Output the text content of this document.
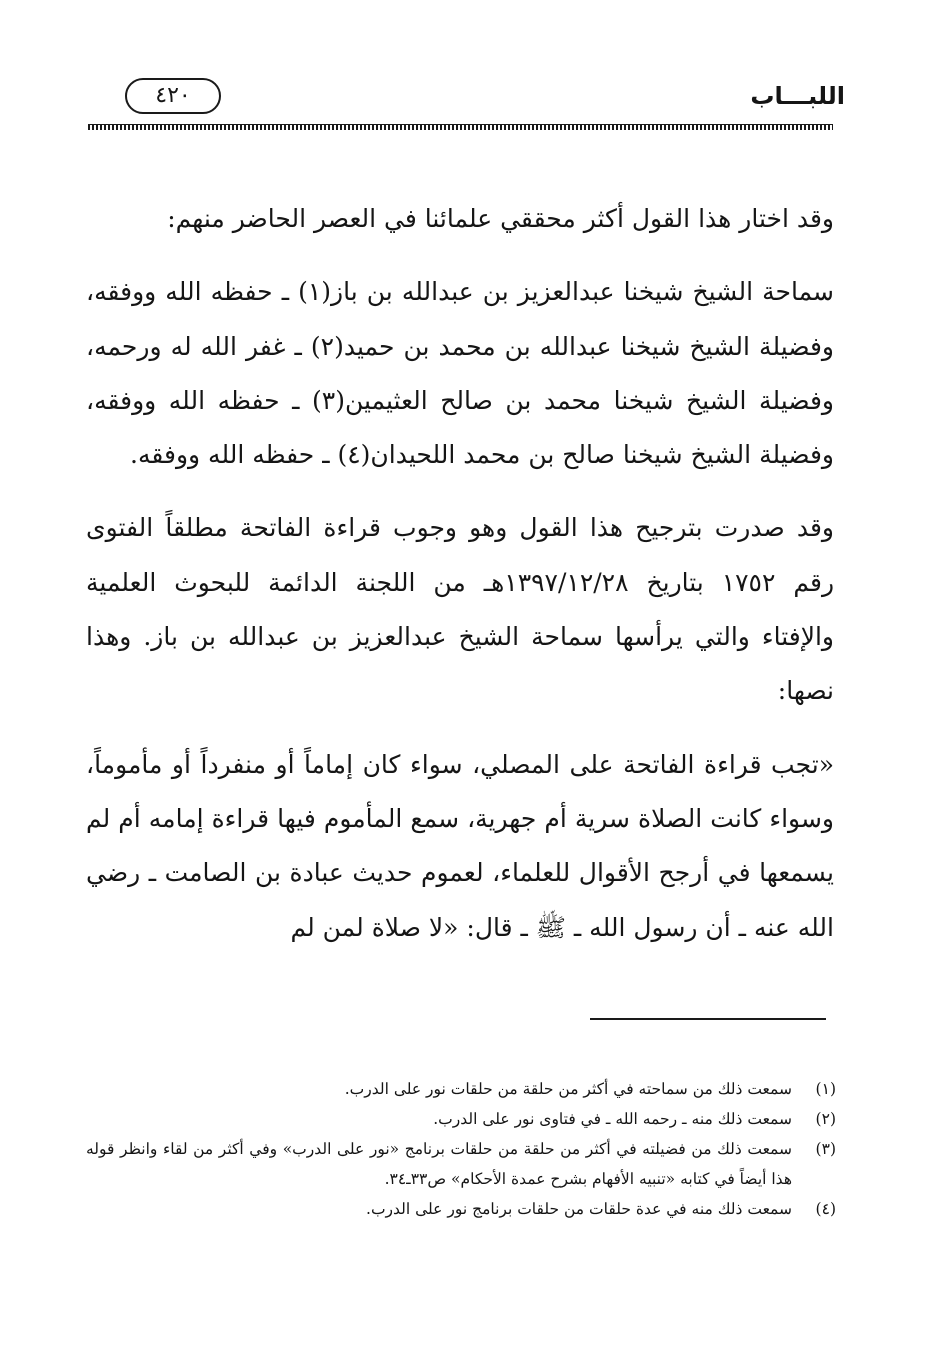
اللبـــاب
٤٢٠

وقد اختار هذا القول أكثر محققي علمائنا في العصر الحاضر منهم:

سماحة الشيخ شيخنا عبدالعزيز بن عبدالله بن باز(١) ـ حفظه الله ووفقه، وفضيلة الشيخ شيخنا عبدالله بن محمد بن حميد(٢) ـ غفر الله له ورحمه، وفضيلة الشيخ شيخنا محمد بن صالح العثيمين(٣) ـ حفظه الله ووفقه، وفضيلة الشيخ شيخنا صالح بن محمد اللحيدان(٤) ـ حفظه الله ووفقه.

وقد صدرت بترجيح هذا القول وهو وجوب قراءة الفاتحة مطلقاً الفتوى رقم ١٧٥٢ بتاريخ ١٣٩٧/١٢/٢٨هـ من اللجنة الدائمة للبحوث العلمية والإفتاء والتي يرأسها سماحة الشيخ عبدالعزيز بن عبدالله بن باز. وهذا نصها:

«تجب قراءة الفاتحة على المصلي، سواء كان إماماً أو منفرداً أو مأموماً، وسواء كانت الصلاة سرية أم جهرية، سمع المأموم فيها قراءة إمامه أم لم يسمعها في أرجح الأقوال للعلماء، لعموم حديث عبادة بن الصامت ـ رضي الله عنه ـ أن رسول الله ـ ﷺ ـ قال: «لا صلاة لمن لم

(١)
سمعت ذلك من سماحته في أكثر من حلقة من حلقات نور على الدرب.
(٢)
سمعت ذلك منه ـ رحمه الله ـ في فتاوى نور على الدرب.
(٣)
سمعت ذلك من فضيلته في أكثر من حلقة من حلقات برنامج «نور على الدرب» وفي أكثر من لقاء وانظر قوله هذا أيضاً في كتابه «تنبيه الأفهام بشرح عمدة الأحكام» ص٣٣ـ٣٤.
(٤)
سمعت ذلك منه في عدة حلقات من حلقات برنامج نور على الدرب.
